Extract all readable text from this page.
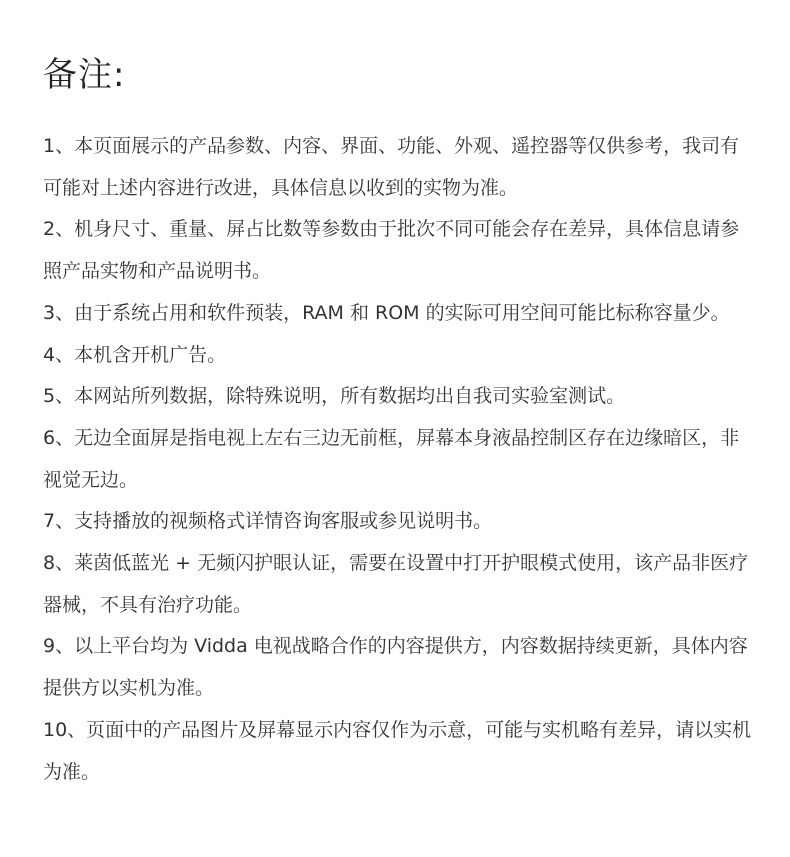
备注:
1、本页面展示的产品参数、内容、界面、功能、外观、遥控器等仅供参考，我司有可能对上述内容进行改进，具体信息以收到的实物为准。
2、机身尺寸、重量、屏占比数等参数由于批次不同可能会存在差异，具体信息请参照产品实物和产品说明书。
3、由于系统占用和软件预装，RAM 和 ROM 的实际可用空间可能比标称容量少。
4、本机含开机广告。
5、本网站所列数据，除特殊说明，所有数据均出自我司实验室测试。
6、无边全面屏是指电视上左右三边无前框，屏幕本身液晶控制区存在边缘暗区，非视觉无边。
7、支持播放的视频格式详情咨询客服或参见说明书。
8、莱茵低蓝光 + 无频闪护眼认证，需要在设置中打开护眼模式使用，该产品非医疗器械，不具有治疗功能。
9、以上平台均为 Vidda 电视战略合作的内容提供方，内容数据持续更新，具体内容提供方以实机为准。
10、页面中的产品图片及屏幕显示内容仅作为示意，可能与实机略有差异，请以实机为准。
